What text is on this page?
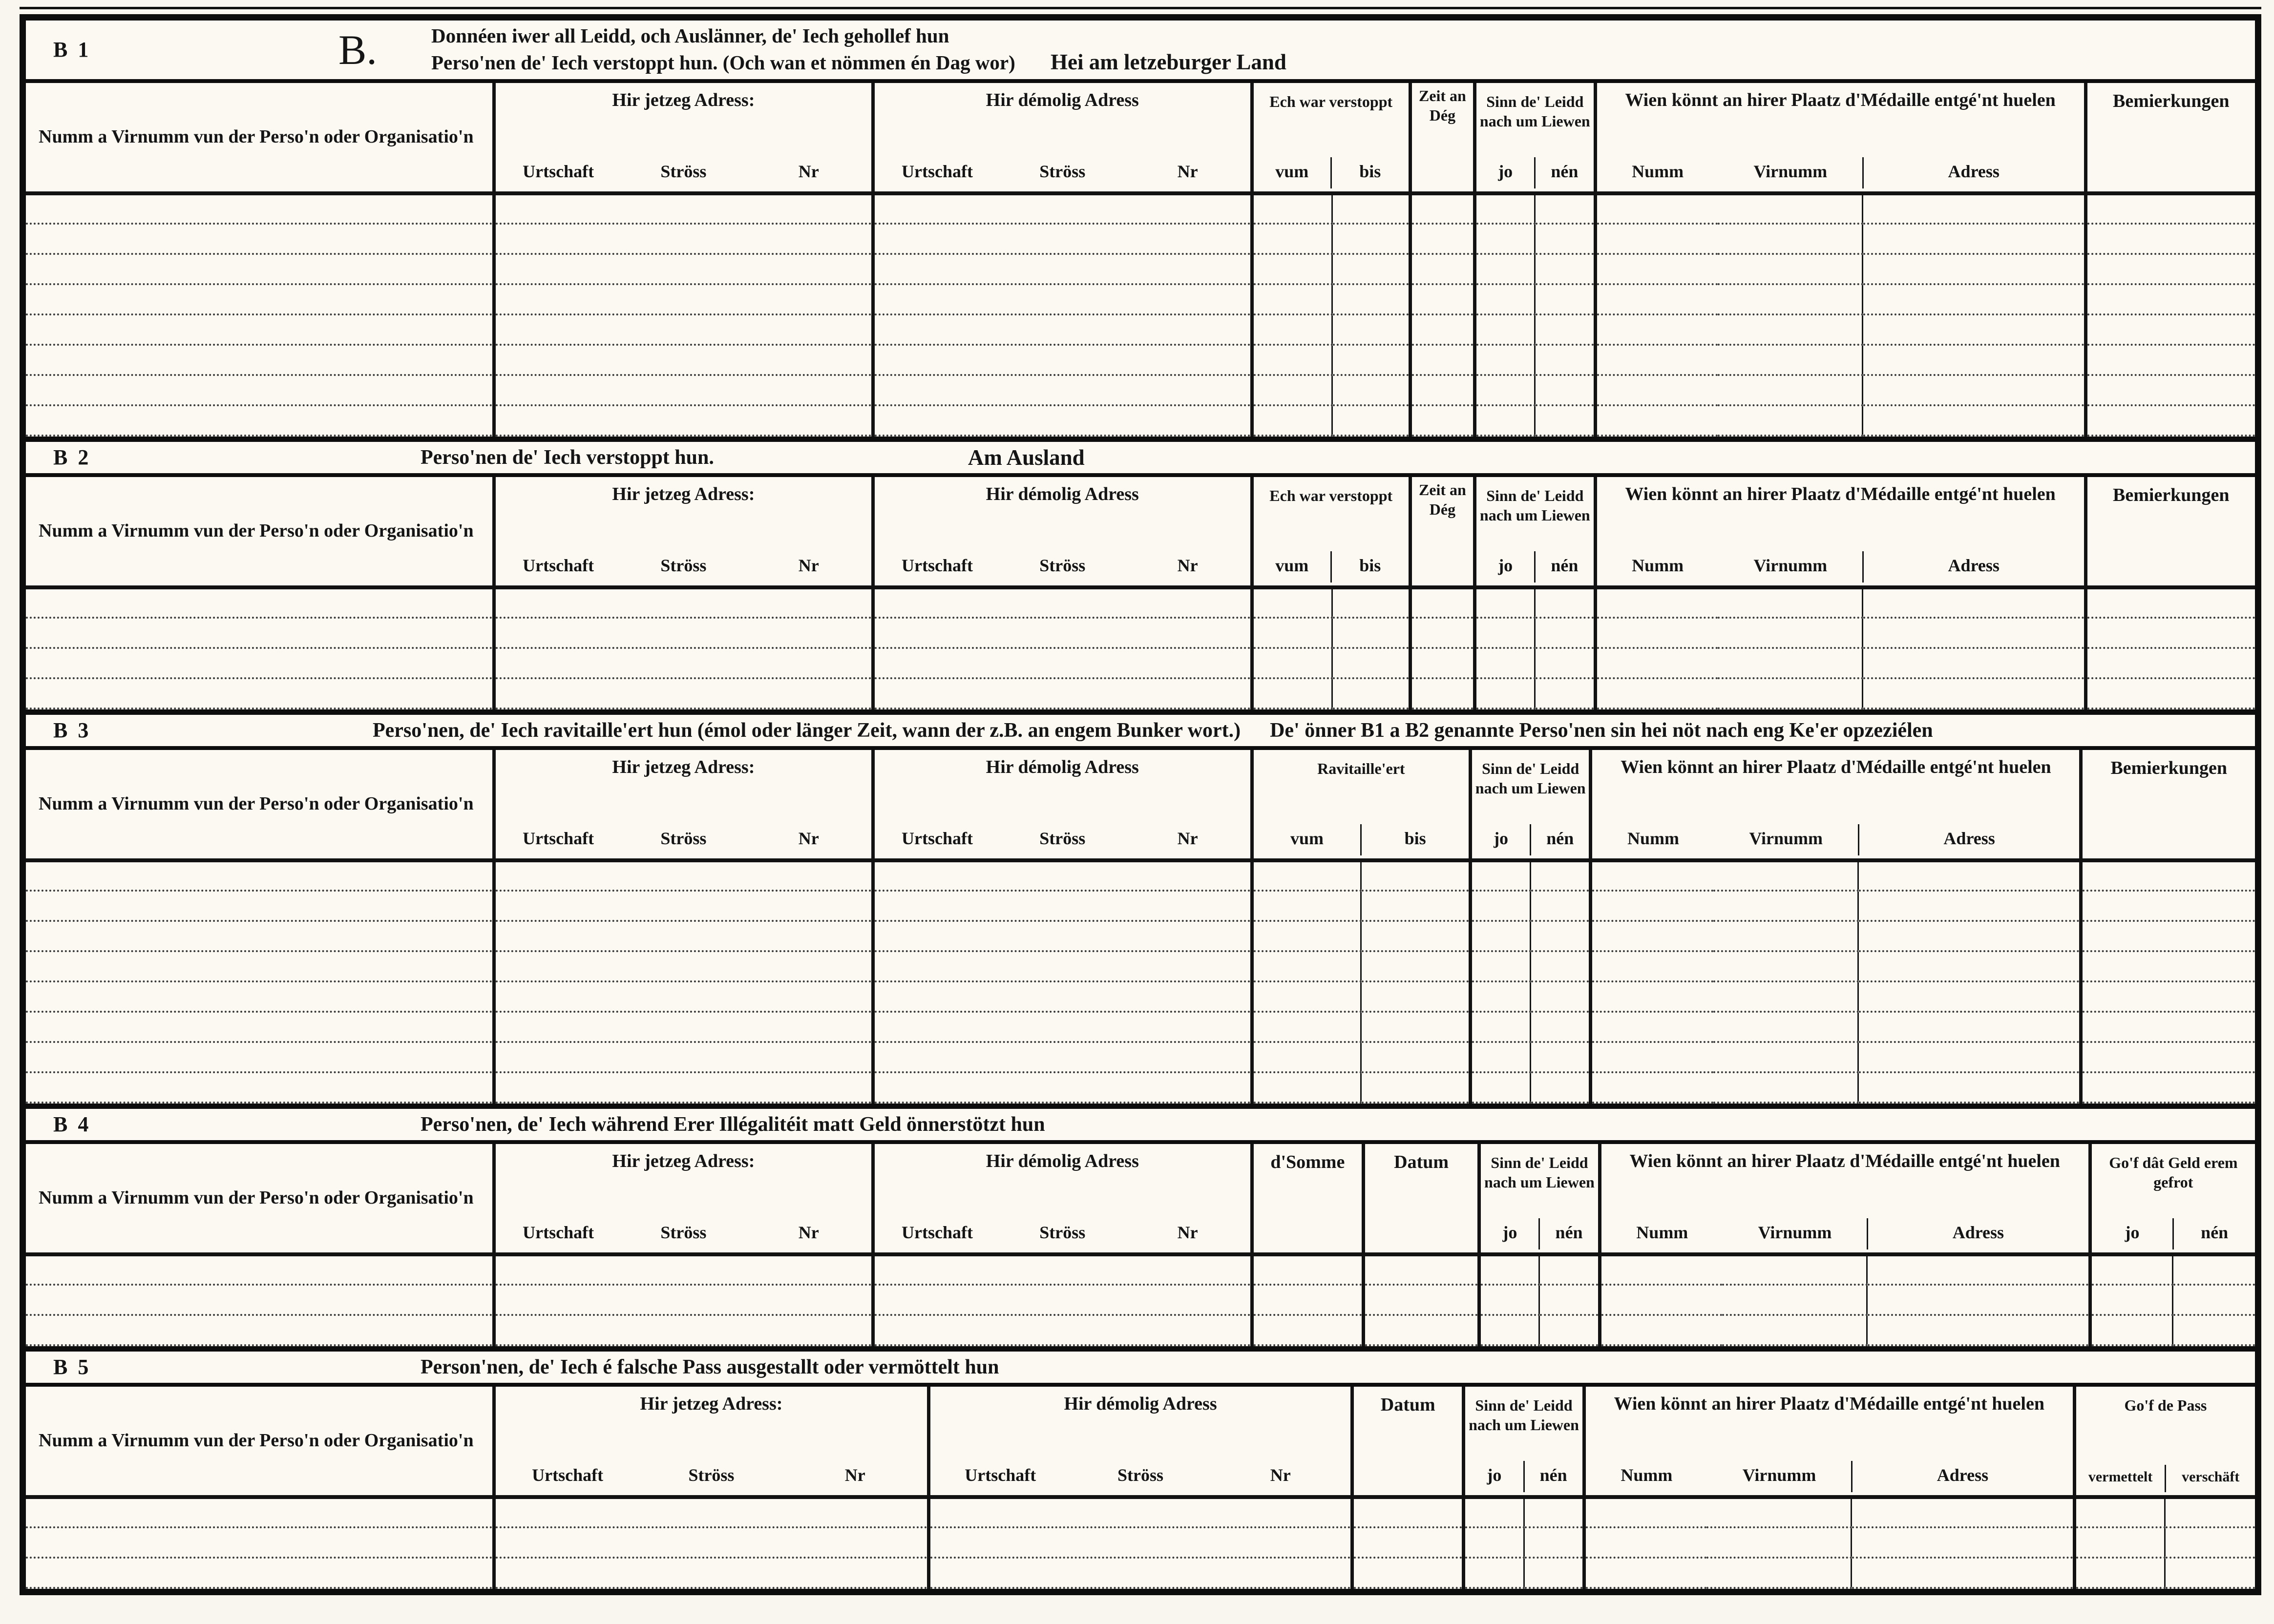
B 1	B.	Donnéen iwer all Leidd, och Auslänner, de' Iech gehollef hun
Perso'nen de' Iech verstoppt hun. (Och wan et nömmen én Dag wor) Hei am letzeburger Land
Numm a Virnumm vun der Perso'n oder Organisatio'n

Hir jetzeg Adress:
Urtschaft	Ströss	Nr

Hir démolig Adress
Urtschaft	Ströss	Nr

Ech war verstoppt
vum	bis

Zeit an Dég

Sinn de' Leidd nach um Liewen
jo	nén

Wien könnt an hirer Plaatz d'Médaille entgé'nt huelen
Numm	Virnumm	Adress

Bemierkungen

B 2	Perso'nen de' Iech verstoppt hun.	Am Ausland
Numm a Virnumm vun der Perso'n oder Organisatio'n

Hir jetzeg Adress:
Urtschaft	Ströss	Nr

Hir démolig Adress
Urtschaft	Ströss	Nr

Ech war verstoppt
vum	bis

Zeit an Dég

Sinn de' Leidd nach um Liewen
jo	nén

Wien könnt an hirer Plaatz d'Médaille entgé'nt huelen
Numm	Virnumm	Adress

Bemierkungen

B 3	Perso'nen, de' Iech ravitaille'ert hun (émol oder länger Zeit, wann der z.B. an engem Bunker wort.) De' önner B1 a B2 genannte Perso'nen sin hei nöt nach eng Ke'er opzeziélen
Numm a Virnumm vun der Perso'n oder Organisatio'n

Hir jetzeg Adress:
Urtschaft	Ströss	Nr

Hir démolig Adress
Urtschaft	Ströss	Nr

Ravitaille'ert
vum	bis

Sinn de' Leidd nach um Liewen
jo	nén

Wien könnt an hirer Plaatz d'Médaille entgé'nt huelen
Numm	Virnumm	Adress

Bemierkungen

B 4	Perso'nen, de' Iech während Erer Illégalitéit matt Geld önnerstötzt hun
Numm a Virnumm vun der Perso'n oder Organisatio'n

Hir jetzeg Adress:
Urtschaft	Ströss	Nr

Hir démolig Adress
Urtschaft	Ströss	Nr

d'Somme	Datum	Sinn de' Leidd nach um Liewen
jo	nén

Wien könnt an hirer Plaatz d'Médaille entgé'nt huelen
Numm	Virnumm	Adress

Go'f dât Geld erem gefrot
jo	nén

B 5	Person'nen, de' Iech é falsche Pass ausgestallt oder vermöttelt hun
Numm a Virnumm vun der Perso'n oder Organisatio'n

Hir jetzeg Adress:
Urtschaft	Ströss	Nr

Hir démolig Adress
Urtschaft	Ströss	Nr

Datum	Sinn de' Leidd nach um Liewen
jo	nén

Wien könnt an hirer Plaatz d'Médaille entgé'nt huelen
Numm	Virnumm	Adress

Go'f de Pass
vermettelt	verschäft
